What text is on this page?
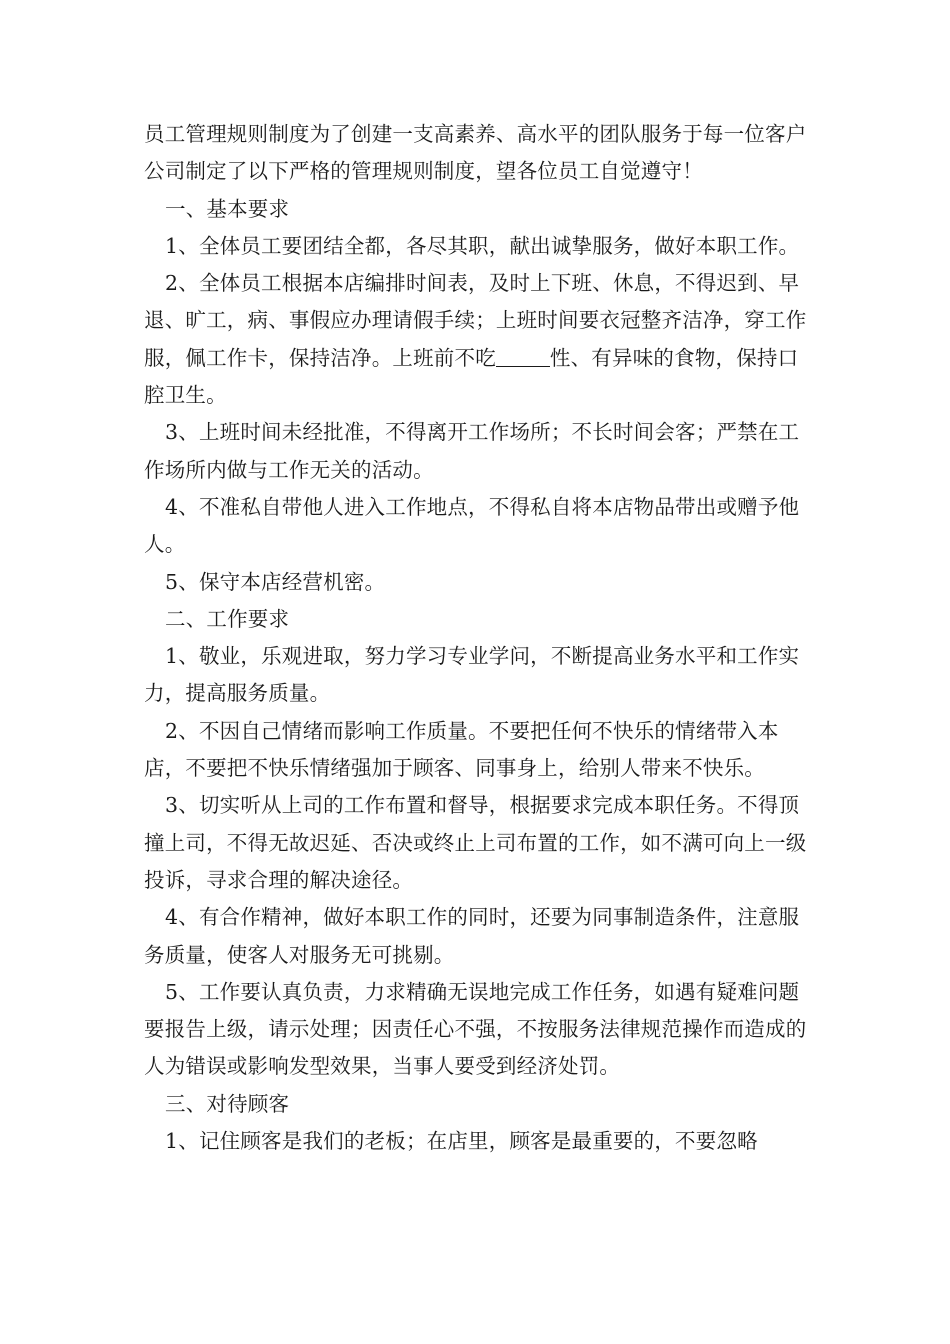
员工管理规则制度为了创建一支高素养、高水平的团队服务于每一位客户公司制定了以下严格的管理规则制度，望各位员工自觉遵守！

一、基本要求

1、全体员工要团结全都，各尽其职，献出诚挚服务，做好本职工作。

2、全体员工根据本店编排时间表，及时上下班、休息，不得迟到、早退、旷工，病、事假应办理请假手续；上班时间要衣冠整齐洁净，穿工作服，佩工作卡，保持洁净。上班前不吃	性、有异味的食物，保持口腔卫生。

3、上班时间未经批准，不得离开工作场所；不长时间会客；严禁在工作场所内做与工作无关的活动。

4、不准私自带他人进入工作地点，不得私自将本店物品带出或赠予他人。

5、保守本店经营机密。

二、工作要求

1、敬业，乐观进取，努力学习专业学问，不断提高业务水平和工作实力，提高服务质量。

2、不因自己情绪而影响工作质量。不要把任何不快乐的情绪带入本店，不要把不快乐情绪强加于顾客、同事身上，给别人带来不快乐。

3、切实听从上司的工作布置和督导，根据要求完成本职任务。不得顶撞上司，不得无故迟延、否决或终止上司布置的工作，如不满可向上一级投诉，寻求合理的解决途径。

4、有合作精神，做好本职工作的同时，还要为同事制造条件，注意服务质量，使客人对服务无可挑剔。

5、工作要认真负责，力求精确无误地完成工作任务，如遇有疑难问题要报告上级，请示处理；因责任心不强，不按服务法律规范操作而造成的人为错误或影响发型效果，当事人要受到经济处罚。

三、对待顾客

1、记住顾客是我们的老板；在店里，顾客是最重要的，不要忽略
